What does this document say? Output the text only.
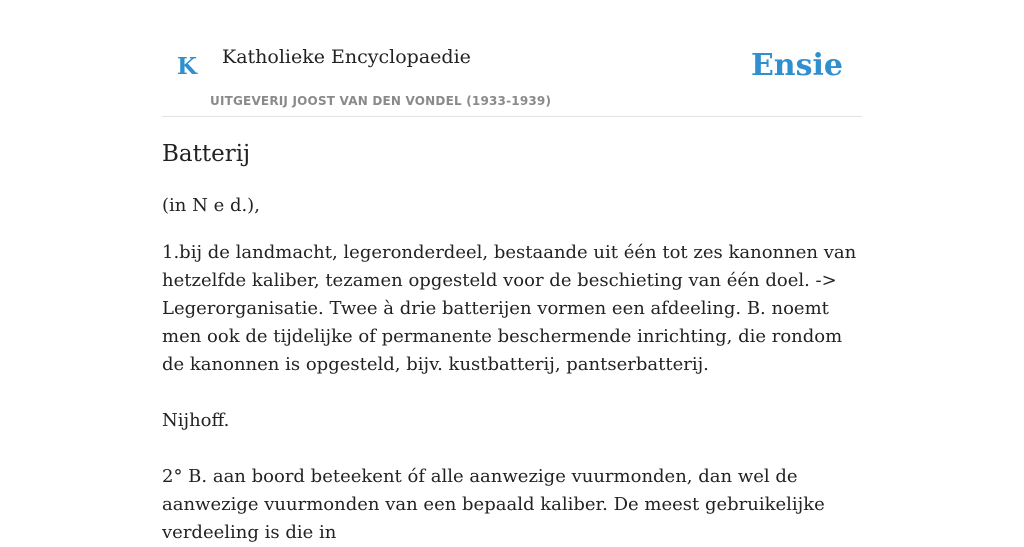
K Katholieke Encyclopaedie
UITGEVERIJ JOOST VAN DEN VONDEL (1933-1939)
Ensie
Batterij

(in N e d.),

1.bij de landmacht, legeronderdeel, bestaande uit één tot zes kanonnen van hetzelfde kaliber, tezamen opgesteld voor de beschieting van één doel. -> Legerorganisatie. Twee à drie batterijen vormen een afdeeling. B. noemt men ook de tijdelijke of permanente beschermende inrichting, die rondom de kanonnen is opgesteld, bijv. kustbatterij, pantserbatterij.

Nijhoff.

2° B. aan boord beteekent óf alle aanwezige vuurmonden, dan wel de aanwezige vuurmonden van een bepaald kaliber. De meest gebruikelijke verdeeling is die in
